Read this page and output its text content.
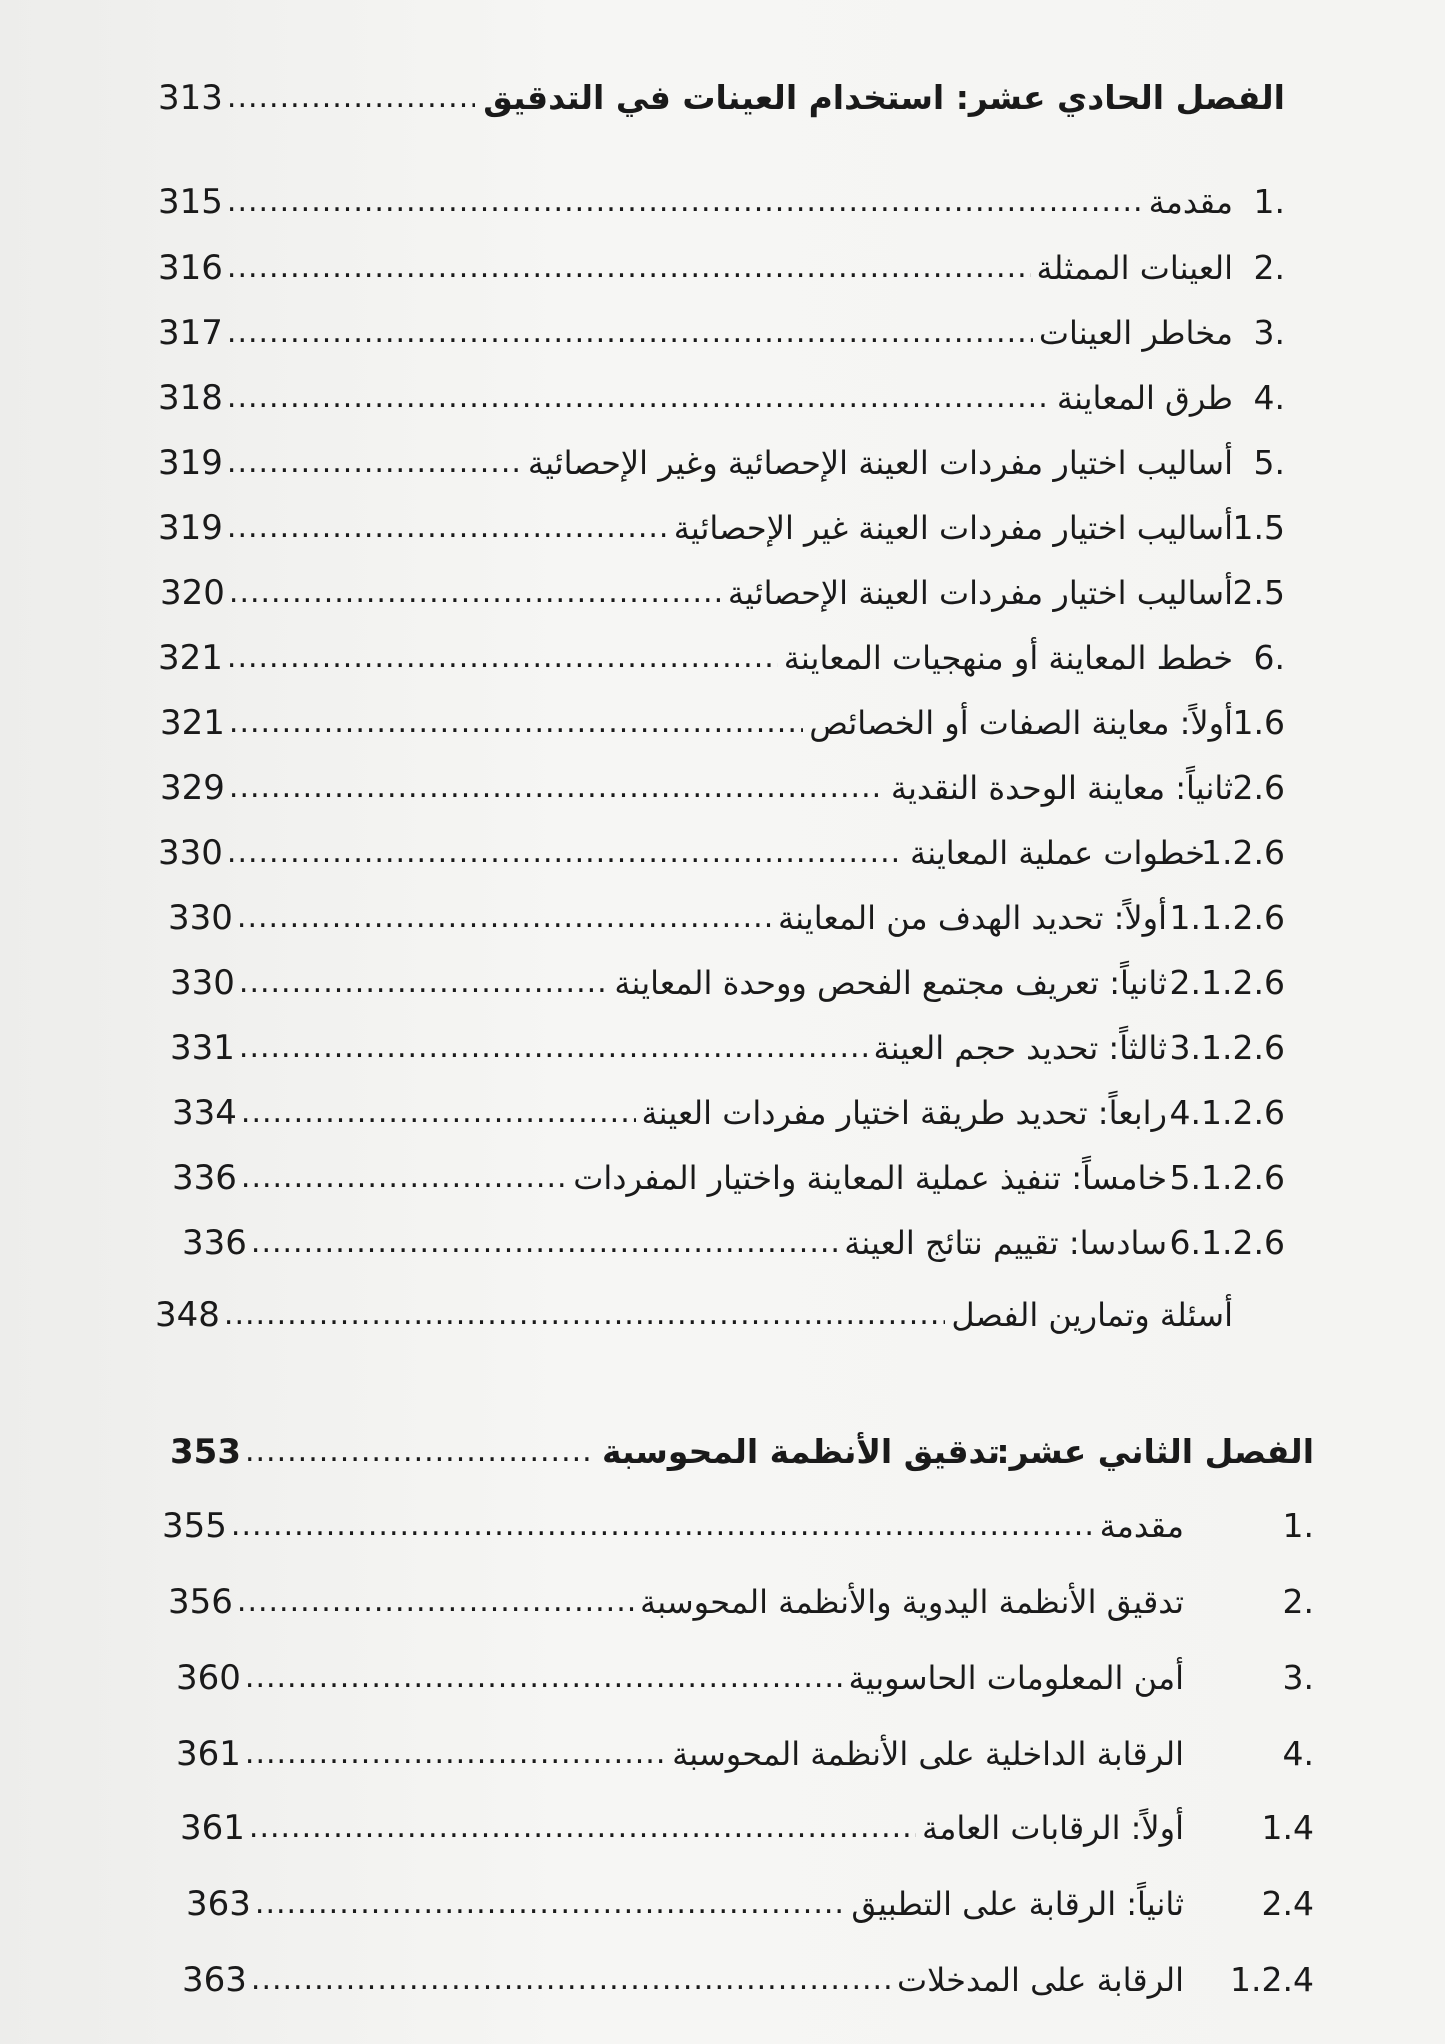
الفصل الحادي عشر: استخدام العينات في التدقيق
.....
313
1.
مقدمة
315
.....
2.
العينات الممثلة
316
.....
3.
مخاطر العينات
317
.....
4.
طرق المعاينة
318
.....
5.
أساليب اختيار مفردات العينة الإحصائية وغير الإحصائية
319
.....
1.5
أساليب اختيار مفردات العينة غير الإحصائية
319
.....
2.5
أساليب اختيار مفردات العينة الإحصائية
320
.....
6.
خطط المعاينة أو منهجيات المعاينة
321
.....
1.6
أولاً: معاينة الصفات أو الخصائص
321
.....
2.6
ثانياً: معاينة الوحدة النقدية
329
.....
1.2.6
خطوات عملية المعاينة
330
.....
1.1.2.6
أولاً: تحديد الهدف من المعاينة
330
.....
2.1.2.6
ثانياً: تعريف مجتمع الفحص ووحدة المعاينة
330
.....
3.1.2.6
ثالثاً: تحديد حجم العينة
331
.....
4.1.2.6
رابعاً: تحديد طريقة اختيار مفردات العينة
334
.....
5.1.2.6
خامساً: تنفيذ عملية المعاينة واختيار المفردات
336
.....
6.1.2.6
سادسا: تقييم نتائج العينة
336
.....
أسئلة وتمارين الفصل
348
.....
الفصل الثاني عشر:
تدقيق الأنظمة المحوسبة
.....
353
1.
مقدمة
355
.....
2.
تدقيق الأنظمة اليدوية والأنظمة المحوسبة
356
.....
3.
أمن المعلومات الحاسوبية
360
.....
4.
الرقابة الداخلية على الأنظمة المحوسبة
361
.....
1.4
أولاً: الرقابات العامة
361
.....
2.4
ثانياً: الرقابة على التطبيق
363
.....
1.2.4
الرقابة على المدخلات
363
.....
